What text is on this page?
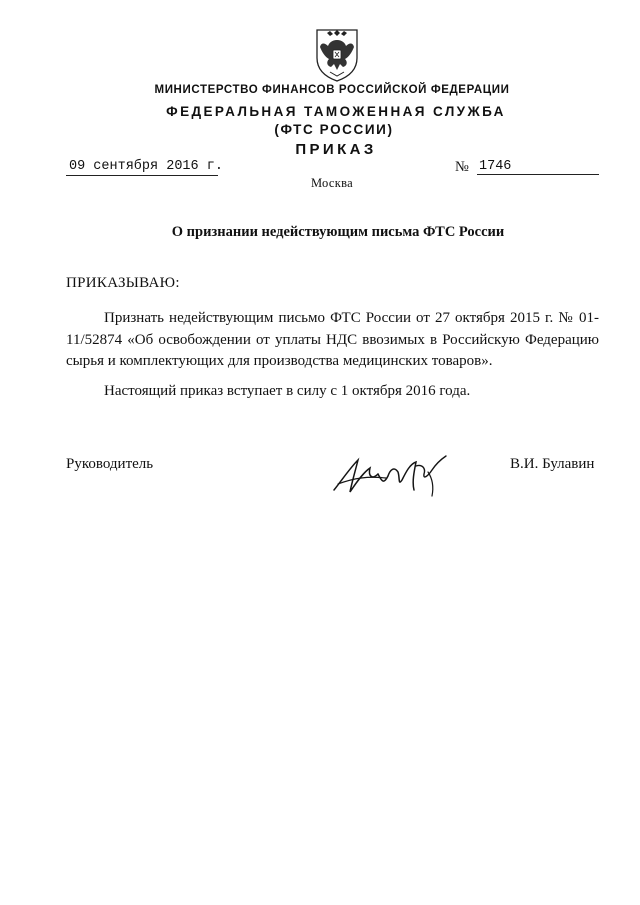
МИНИСТЕРСТВО ФИНАНСОВ РОССИЙСКОЙ ФЕДЕРАЦИИ
ФЕДЕРАЛЬНАЯ ТАМОЖЕННАЯ СЛУЖБА
(ФТС РОССИИ)
ПРИКАЗ
09 сентября 2016 г.	№ 1746
Москва
О признании недействующим письма ФТС России
ПРИКАЗЫВАЮ:
Признать недействующим письмо ФТС России от 27 октября 2015 г. № 01-11/52874 «Об освобождении от уплаты НДС ввозимых в Российскую Федерацию сырья и комплектующих для производства медицинских товаров».
Настоящий приказ вступает в силу с 1 октября 2016 года.
Руководитель	В.И. Булавин
